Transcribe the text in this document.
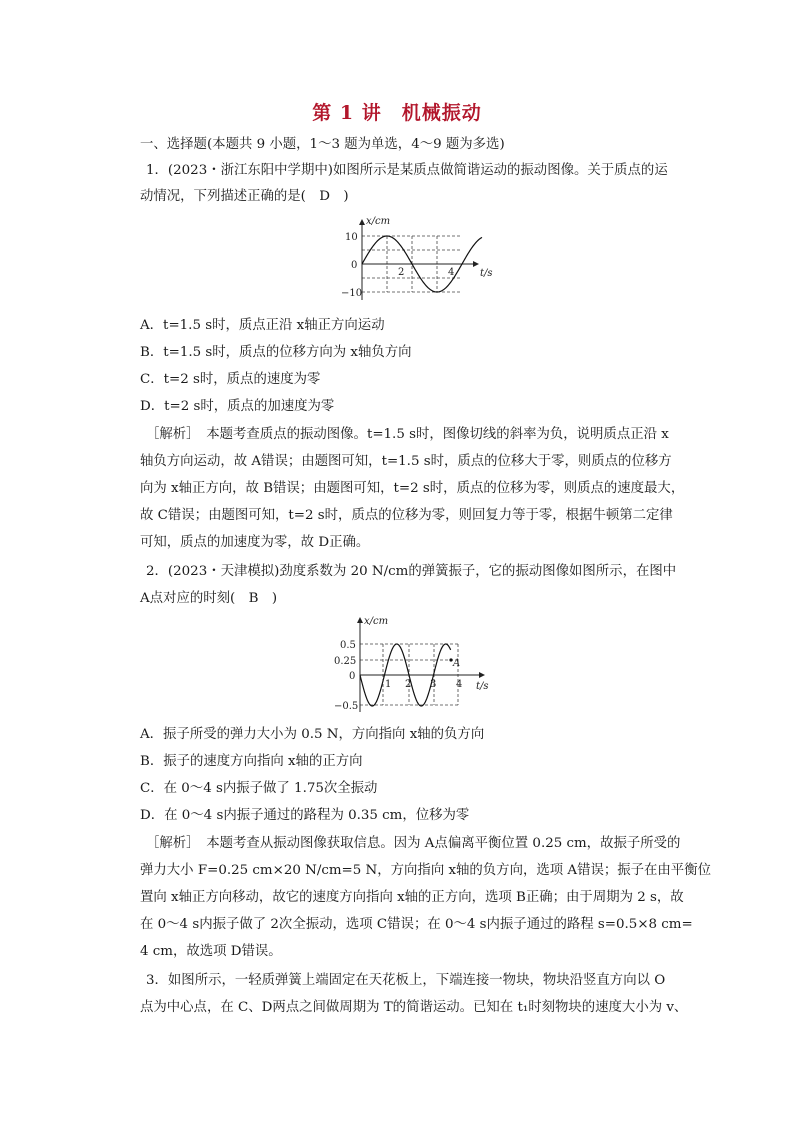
第 1 讲　机械振动
一、选择题(本题共 9 小题，1～3 题为单选，4～9 题为多选)
1．(2023・浙江东阳中学期中)如图所示是某质点做简谐运动的振动图像。关于质点的运
动情况，下列描述正确的是(　D　)
x/cm
t/s
10
0
−10
2	4
A．t=1.5 s时，质点正沿 x轴正方向运动
B．t=1.5 s时，质点的位移方向为 x轴负方向
C．t=2 s时，质点的速度为零
D．t=2 s时，质点的加速度为零
［解析］　本题考查质点的振动图像。t=1.5 s时，图像切线的斜率为负，说明质点正沿 x
轴负方向运动，故 A错误；由题图可知，t=1.5 s时，质点的位移大于零，则质点的位移方
向为 x轴正方向，故 B错误；由题图可知，t=2 s时，质点的位移为零，则质点的速度最大，
故 C错误；由题图可知，t=2 s时，质点的位移为零，则回复力等于零，根据牛顿第二定律
可知，质点的加速度为零，故 D正确。
2．(2023・天津模拟)劲度系数为 20 N/cm的弹簧振子，它的振动图像如图所示，在图中
A点对应的时刻(　B　)
A
x/cm
t/s
0.5
0.25
0
−0.5
1 2 3 4
A．振子所受的弹力大小为 0.5 N，方向指向 x轴的负方向
B．振子的速度方向指向 x轴的正方向
C．在 0～4 s内振子做了 1.75次全振动
D．在 0～4 s内振子通过的路程为 0.35 cm，位移为零
［解析］　本题考查从振动图像获取信息。因为 A点偏离平衡位置 0.25 cm，故振子所受的
弹力大小 F=0.25 cm×20 N/cm=5 N，方向指向 x轴的负方向，选项 A错误；振子在由平衡位
置向 x轴正方向移动，故它的速度方向指向 x轴的正方向，选项 B正确；由于周期为 2 s，故
在 0～4 s内振子做了 2次全振动，选项 C错误；在 0～4 s内振子通过的路程 s=0.5×8 cm=
4 cm，故选项 D错误。
3．如图所示，一轻质弹簧上端固定在天花板上，下端连接一物块，物块沿竖直方向以 O
点为中心点，在 C、D两点之间做周期为 T的简谐运动。已知在 t₁时刻物块的速度大小为 v、
